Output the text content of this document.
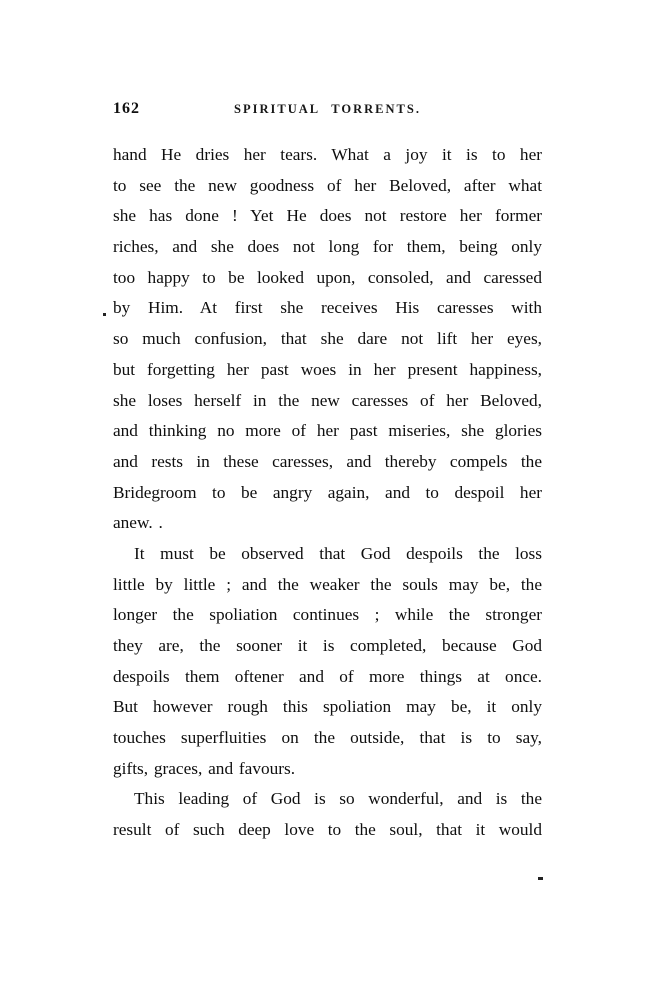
162	SPIRITUAL TORRENTS.
hand He dries her tears. What a joy it is to her
to see the new goodness of her Beloved, after what
she has done ! Yet He does not restore her former
riches, and she does not long for them, being only
too happy to be looked upon, consoled, and caressed
by Him. At first she receives His caresses with
so much confusion, that she dare not lift her eyes,
but forgetting her past woes in her present happiness,
she loses herself in the new caresses of her Beloved,
and thinking no more of her past miseries, she glories
and rests in these caresses, and thereby compels the
Bridegroom to be angry again, and to despoil her
anew. .
It must be observed that God despoils the loss
little by little ; and the weaker the souls may be, the
longer the spoliation continues ; while the stronger
they are, the sooner it is completed, because God
despoils them oftener and of more things at once.
But however rough this spoliation may be, it only
touches superfluities on the outside, that is to say,
gifts, graces, and favours.
This leading of God is so wonderful, and is the
result of such deep love to the soul, that it would
